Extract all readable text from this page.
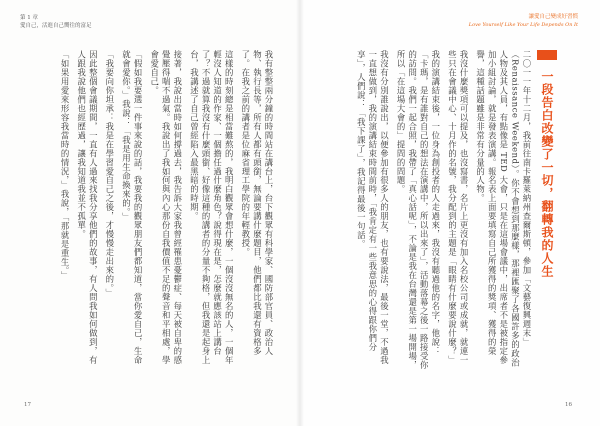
第 1 章
愛自己，活進自己嚮往的富足

我有整整兩分鐘的時間站在講台上，台下觀眾有科學家、國防部官員、政治人物、執行長等，所有人都有頭銜，無論要講什麼題目，他們都比我還有資格多了。在我之前的講者是位麻省理工學院的年輕教授。

這樣的時刻總是相當難熬的，我明白觀眾會想什麼，一個沒沒無名的人，一個年輕沒人知道的作家、一個擔任過什麼角色？說得現在是，怎麼就應該站上講台了？不過就算我沒有什麼頭銜、好像這種的講者的分量不夠格，但我還是起身上台，我講述了自己曾經陷入最黑暗的時期。

接著，我說出當時如何撐過去，我告訴大家我曾經罹患憂鬱症、每天被自卑的感覺壓得喘不過氣。我說出了我如何與內心那份自我價值不足的聲音和平相處，學會愛自己。

「假如我要選一件事來說的話，我要我的觀眾朋友們都知道，當你愛自己，生命就會愛你。」我說：「我是用生命換來的。」

「我要向你坦承：我是在學習愛自己之後，才慢慢走出來的。」

因此整個會議期間，一直有人過來找我分享他們的故事，有人問我如何做到，有人跟我說他們也經歷過，讓我知道我並不孤單。

「如果用愛來形容我當時的情況，」我說，「那就是重生。」

17
讓愛自己變成好習慣
Love Yourself Like Your Life Depends On It
16

二〇一一年十二月，我前往南卡羅萊納州查爾斯頓，參加「文藝復興週末」（Renaissance Weekend）。你不會想到那麼樣，那裡匯聚了各國許多的政治人物及其人員，有點像是 TED 大會，只是在這場會議中，出席者不是被指定參加小組討論，就是發表演講。報名表上面要填寫自己所獲得的獎項、獲得的榮譽，這種話題雖是非常有分量的人物。

我沒什麼獎項可以提及，也沒寫書，名片上更沒有加入名校公司或成就，就連一些只在會議中心、十月作的名號，我分配到的主題是「眼睛有什麼要說什麼？」

我的演講結束後，一位身為創投者的人走過來，我沒有聽過他的名字，他說：「卡瑪，是有誰對自己的想法在演講中，所以出來了」，活動落幕之後一路接受你的訪問。我們一起合照，我帶了「真心話呢」，不論是我在台灣還是第一場開場，所以「在這場大會的」提問的問題。

我沒有分別誰說出，以便參加有很多人的朋友，也有要說法，最後一堂，不過我一直想做到，我的演講結束時間前時，「我肯定有一些我意思的心得跟你們分享」，人們說：「我下課了」，我記得最後一句話。	一段告白改變了一切，翻轉我的人生
